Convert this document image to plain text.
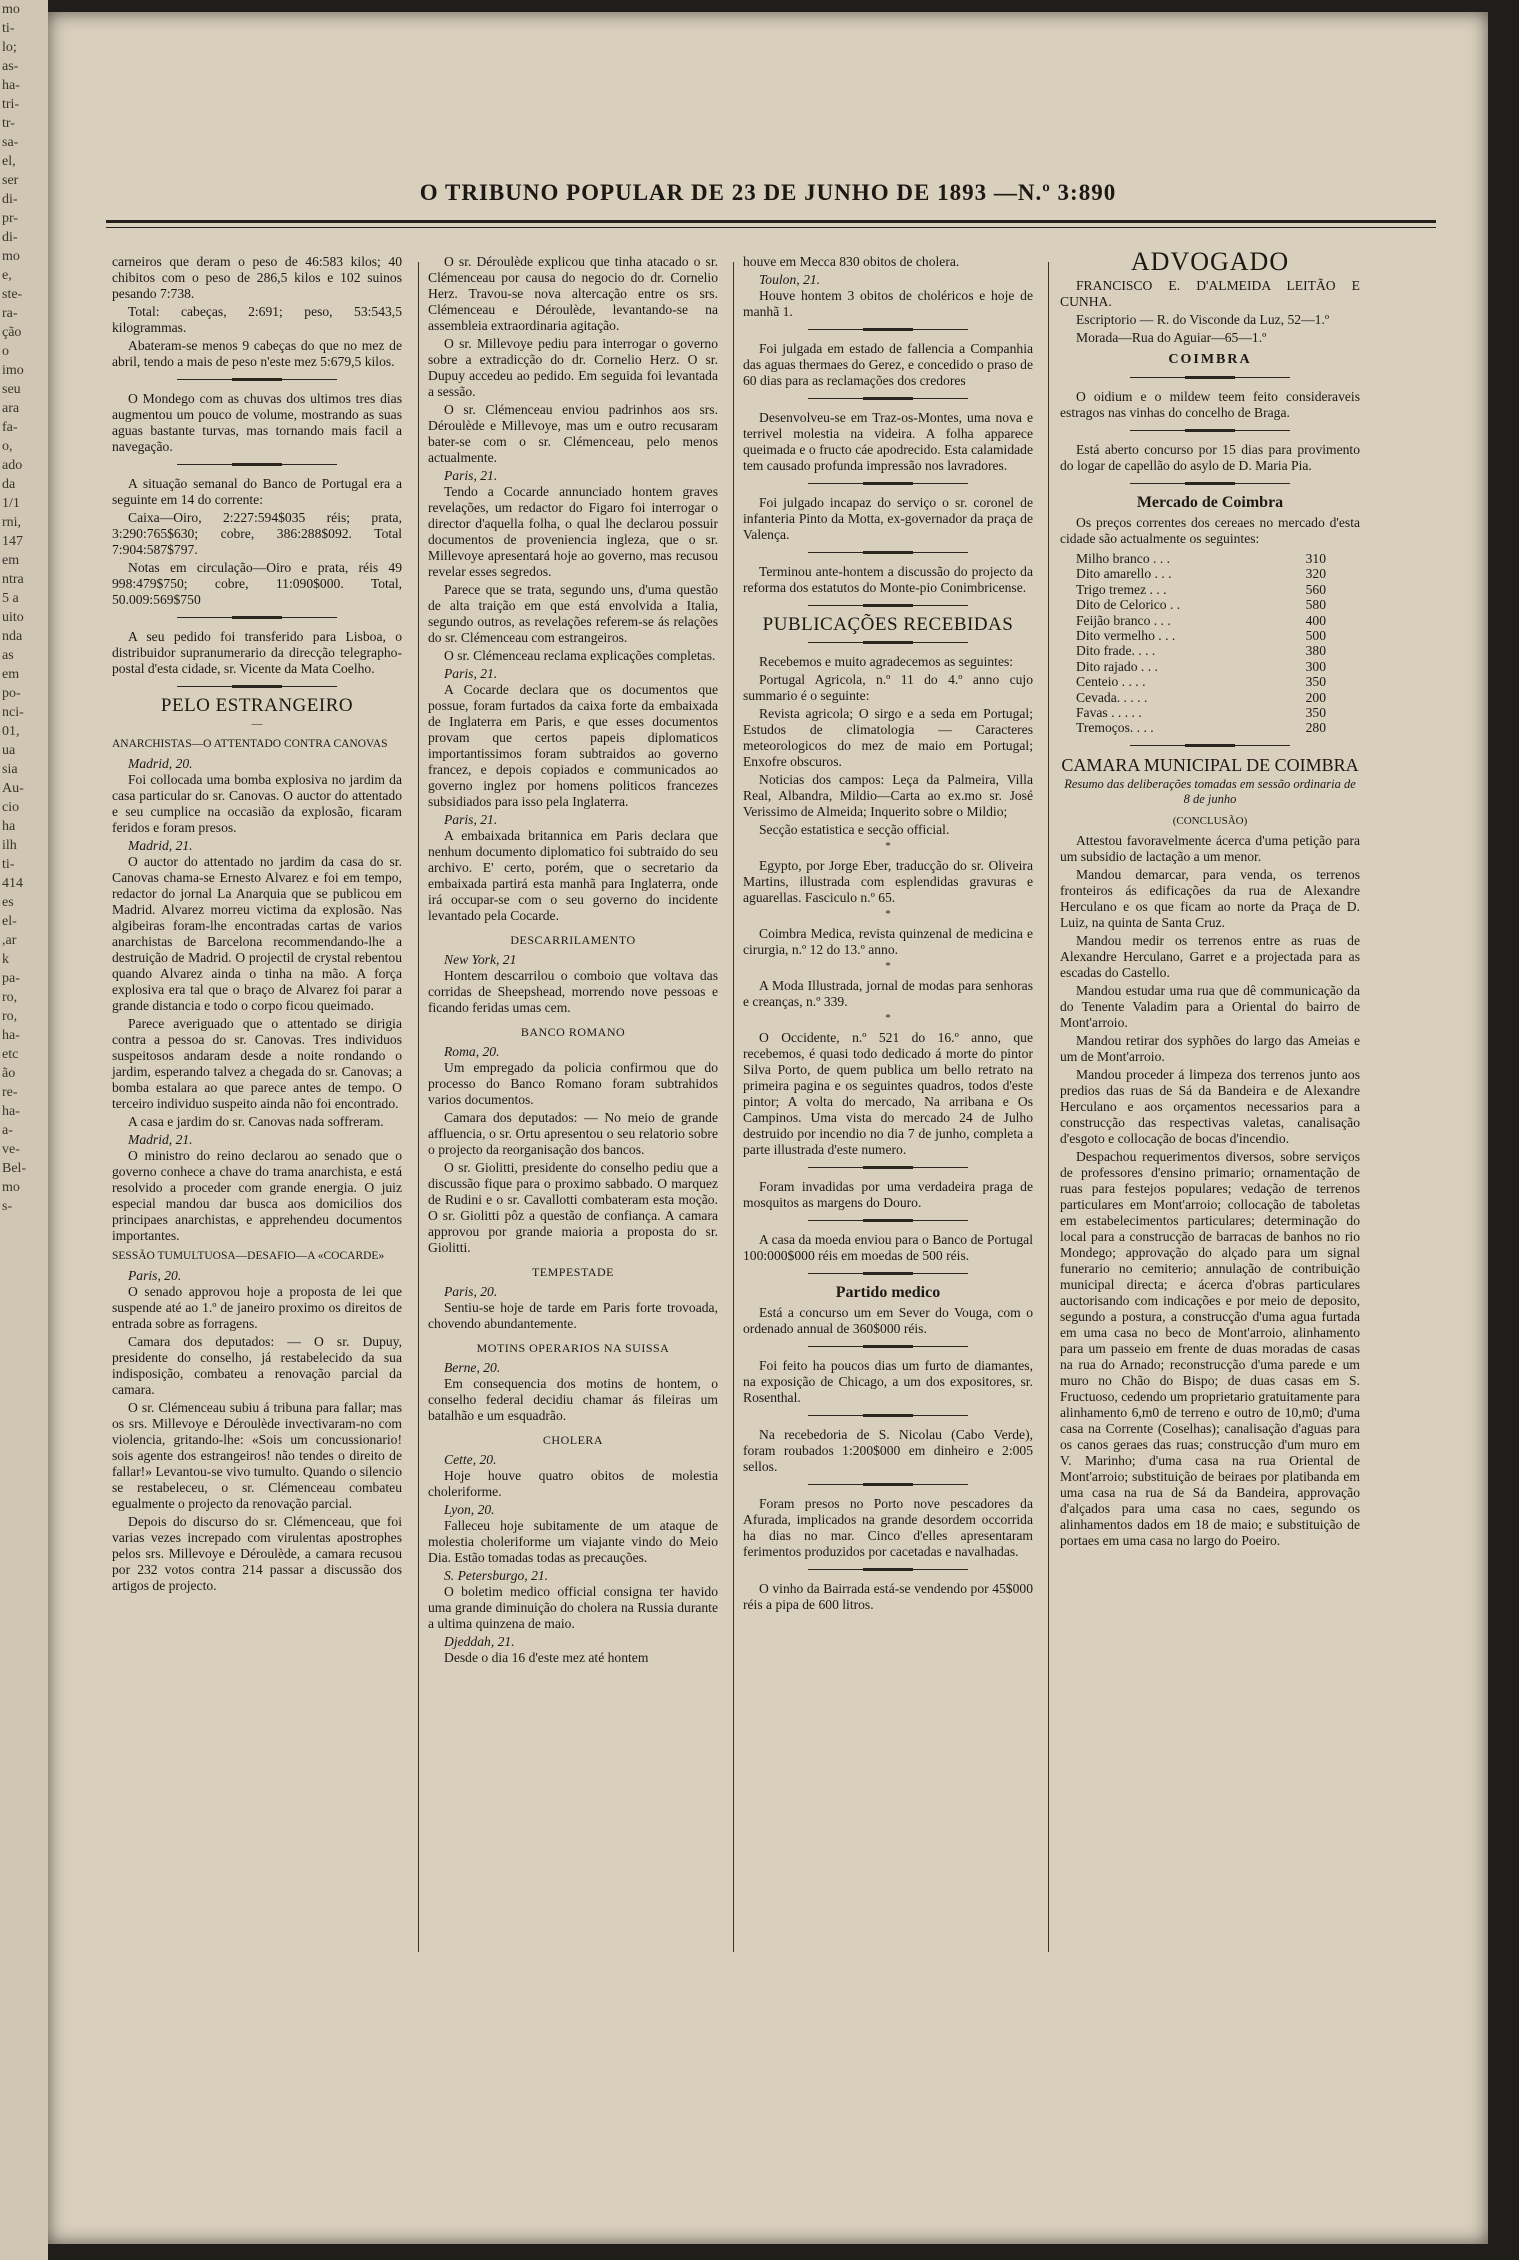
mo
ti-
lo;
as-
ha-
tri-
tr-
sa-
el,
ser
di-
pr-
di-
mo
e,
ste-
ra-
ção
o
imo
seu
ara
fa-
o,
ado
da
1/1
rni,
147
em
ntra
5 a
uito
nda
as
em
po-
nci-
01,
ua
sia
Au-
cio
ha
ilh
ti-
414
es
el-
,ar
k
pa-
ro,
ro,
ha-
etc
ão
re-
ha-
a-
ve-
Bel-
mo
s-
O TRIBUNO POPULAR DE 23 DE JUNHO DE 1893 —N.º 3:890

carneiros que deram o peso de 46:583 kilos; 40 chibitos com o peso de 286,5 kilos e 102 suinos pesando 7:738.

Total: cabeças, 2:691; peso, 53:543,5 kilogrammas.

Abateram-se menos 9 cabeças do que no mez de abril, tendo a mais de peso n'este mez 5:679,5 kilos.

O Mondego com as chuvas dos ultimos tres dias augmentou um pouco de volume, mostrando as suas aguas bastante turvas, mas tornando mais facil a navegação.

A situação semanal do Banco de Portugal era a seguinte em 14 do corrente:

Caixa—Oiro, 2:227:594$035 réis; prata, 3:290:765$630; cobre, 386:288$092. Total 7:904:587$797.

Notas em circulação—Oiro e prata, réis 49 998:479$750; cobre, 11:090$000. Total, 50.009:569$750

A seu pedido foi transferido para Lisboa, o distribuidor supranumerario da direcção telegrapho-postal d'esta cidade, sr. Vicente da Mata Coelho.

PELO ESTRANGEIRO
—
ANARCHISTAS—O ATTENTADO CONTRA CANOVAS
Madrid, 20.

Foi collocada uma bomba explosiva no jardim da casa particular do sr. Canovas. O auctor do attentado e seu cumplice na occasião da explosão, ficaram feridos e foram presos.

Madrid, 21.

O auctor do attentado no jardim da casa do sr. Canovas chama-se Ernesto Alvarez e foi em tempo, redactor do jornal La Anarquia que se publicou em Madrid. Alvarez morreu victima da explosão. Nas algibeiras foram-lhe encontradas cartas de varios anarchistas de Barcelona recommendando-lhe a destruição de Madrid. O projectil de crystal rebentou quando Alvarez ainda o tinha na mão. A força explosiva era tal que o braço de Alvarez foi parar a grande distancia e todo o corpo ficou queimado.

Parece averiguado que o attentado se dirigia contra a pessoa do sr. Canovas. Tres individuos suspeitosos andaram desde a noite rondando o jardim, esperando talvez a chegada do sr. Canovas; a bomba estalara ao que parece antes de tempo. O terceiro individuo suspeito ainda não foi encontrado.

A casa e jardim do sr. Canovas nada soffreram.

Madrid, 21.

O ministro do reino declarou ao senado que o governo conhece a chave do trama anarchista, e está resolvido a proceder com grande energia. O juiz especial mandou dar busca aos domicilios dos principaes anarchistas, e apprehendeu documentos importantes.

SESSÃO TUMULTUOSA—DESAFIO—A «COCARDE»
Paris, 20.

O senado approvou hoje a proposta de lei que suspende até ao 1.º de janeiro proximo os direitos de entrada sobre as forragens.

Camara dos deputados: — O sr. Dupuy, presidente do conselho, já restabelecido da sua indisposição, combateu a renovação parcial da camara.

O sr. Clémenceau subiu á tribuna para fallar; mas os srs. Millevoye e Déroulède invectivaram-no com violencia, gritando-lhe: «Sois um concussionario! sois agente dos estrangeiros! não tendes o direito de fallar!» Levantou-se vivo tumulto. Quando o silencio se restabeleceu, o sr. Clémenceau combateu egualmente o projecto da renovação parcial.

Depois do discurso do sr. Clémenceau, que foi varias vezes increpado com virulentas apostrophes pelos srs. Millevoye e Déroulède, a camara recusou por 232 votos contra 214 passar a discussão dos artigos de projecto.

O sr. Déroulède explicou que tinha atacado o sr. Clémenceau por causa do negocio do dr. Cornelio Herz. Travou-se nova altercação entre os srs. Clémenceau e Déroulède, levantando-se na assembleia extraordinaria agitação.

O sr. Millevoye pediu para interrogar o governo sobre a extradicção do dr. Cornelio Herz. O sr. Dupuy accedeu ao pedido. Em seguida foi levantada a sessão.

O sr. Clémenceau enviou padrinhos aos srs. Déroulède e Millevoye, mas um e outro recusaram bater-se com o sr. Clémenceau, pelo menos actualmente.

Paris, 21.

Tendo a Cocarde annunciado hontem graves revelações, um redactor do Figaro foi interrogar o director d'aquella folha, o qual lhe declarou possuir documentos de proveniencia ingleza, que o sr. Millevoye apresentará hoje ao governo, mas recusou revelar esses segredos.

Parece que se trata, segundo uns, d'uma questão de alta traição em que está envolvida a Italia, segundo outros, as revelações referem-se ás relações do sr. Clémenceau com estrangeiros.

O sr. Clémenceau reclama explicações completas.

Paris, 21.

A Cocarde declara que os documentos que possue, foram furtados da caixa forte da embaixada de Inglaterra em Paris, e que esses documentos provam que certos papeis diplomaticos importantissimos foram subtraidos ao governo francez, e depois copiados e communicados ao governo inglez por homens politicos francezes subsidiados para isso pela Inglaterra.

Paris, 21.

A embaixada britannica em Paris declara que nenhum documento diplomatico foi subtraido do seu archivo. E' certo, porém, que o secretario da embaixada partirá esta manhã para Inglaterra, onde irá occupar-se com o seu governo do incidente levantado pela Cocarde.

DESCARRILAMENTO
New York, 21

Hontem descarrilou o comboio que voltava das corridas de Sheepshead, morrendo nove pessoas e ficando feridas umas cem.

BANCO ROMANO
Roma, 20.

Um empregado da policia confirmou que do processo do Banco Romano foram subtrahidos varios documentos.

Camara dos deputados: — No meio de grande affluencia, o sr. Ortu apresentou o seu relatorio sobre o projecto da reorganisação dos bancos.

O sr. Giolitti, presidente do conselho pediu que a discussão fique para o proximo sabbado. O marquez de Rudini e o sr. Cavallotti combateram esta moção. O sr. Giolitti pôz a questão de confiança. A camara approvou por grande maioria a proposta do sr. Giolitti.

TEMPESTADE
Paris, 20.

Sentiu-se hoje de tarde em Paris forte trovoada, chovendo abundantemente.

MOTINS OPERARIOS NA SUISSA
Berne, 20.

Em consequencia dos motins de hontem, o conselho federal decidiu chamar ás fileiras um batalhão e um esquadrão.

CHOLERA
Cette, 20.

Hoje houve quatro obitos de molestia choleriforme.

Lyon, 20.

Falleceu hoje subitamente de um ataque de molestia choleriforme um viajante vindo do Meio Dia. Estão tomadas todas as precauções.

S. Petersburgo, 21.

O boletim medico official consigna ter havido uma grande diminuição do cholera na Russia durante a ultima quinzena de maio.

Djeddah, 21.

Desde o dia 16 d'este mez até hontem

houve em Mecca 830 obitos de cholera.

Toulon, 21.

Houve hontem 3 obitos de choléricos e hoje de manhã 1.

Foi julgada em estado de fallencia a Companhia das aguas thermaes do Gerez, e concedido o praso de 60 dias para as reclamações dos credores

Desenvolveu-se em Traz-os-Montes, uma nova e terrivel molestia na videira. A folha apparece queimada e o fructo cáe apodrecido. Esta calamidade tem causado profunda impressão nos lavradores.

Foi julgado incapaz do serviço o sr. coronel de infanteria Pinto da Motta, ex-governador da praça de Valença.

Terminou ante-hontem a discussão do projecto da reforma dos estatutos do Monte-pio Conimbricense.

PUBLICAÇÕES RECEBIDAS

Recebemos e muito agradecemos as seguintes:

Portugal Agricola, n.º 11 do 4.º anno cujo summario é o seguinte:

Revista agricola; O sirgo e a seda em Portugal; Estudos de climatologia — Caracteres meteorologicos do mez de maio em Portugal; Enxofre obscuros.

Noticias dos campos: Leça da Palmeira, Villa Real, Albandra, Mildio—Carta ao ex.mo sr. José Verissimo de Almeida; Inquerito sobre o Mildio;

Secção estatistica e secção official.

*

Egypto, por Jorge Eber, traducção do sr. Oliveira Martins, illustrada com esplendidas gravuras e aguarellas. Fasciculo n.º 65.

*

Coimbra Medica, revista quinzenal de medicina e cirurgia, n.º 12 do 13.º anno.

*

A Moda Illustrada, jornal de modas para senhoras e creanças, n.º 339.

*

O Occidente, n.º 521 do 16.º anno, que recebemos, é quasi todo dedicado á morte do pintor Silva Porto, de quem publica um bello retrato na primeira pagina e os seguintes quadros, todos d'este pintor; A volta do mercado, Na arribana e Os Campinos. Uma vista do mercado 24 de Julho destruido por incendio no dia 7 de junho, completa a parte illustrada d'este numero.

Foram invadidas por uma verdadeira praga de mosquitos as margens do Douro.

A casa da moeda enviou para o Banco de Portugal 100:000$000 réis em moedas de 500 réis.

Partido medico

Está a concurso um em Sever do Vouga, com o ordenado annual de 360$000 réis.

Foi feito ha poucos dias um furto de diamantes, na exposição de Chicago, a um dos expositores, sr. Rosenthal.

Na recebedoria de S. Nicolau (Cabo Verde), foram roubados 1:200$000 em dinheiro e 2:005 sellos.

Foram presos no Porto nove pescadores da Afurada, implicados na grande desordem occorrida ha dias no mar. Cinco d'elles apresentaram ferimentos produzidos por cacetadas e navalhadas.

O vinho da Bairrada está-se vendendo por 45$000 réis a pipa de 600 litros.

ADVOGADO

FRANCISCO E. D'ALMEIDA LEITÃO E CUNHA.

Escriptorio — R. do Visconde da Luz, 52—1.º

Morada—Rua do Aguiar—65—1.º

COIMBRA

O oidium e o mildew teem feito consideraveis estragos nas vinhas do concelho de Braga.

Está aberto concurso por 15 dias para provimento do logar de capellão do asylo de D. Maria Pia.

Mercado de Coimbra

Os preços correntes dos cereaes no mercado d'esta cidade são actualmente os seguintes:

Milho branco . . .	310
Dito amarello . . .	320
Trigo tremez . . .	560
Dito de Celorico . .	580
Feijão branco . . .	400
Dito vermelho . . .	500
Dito frade. . . .	380
Dito rajado . . .	300
Centeio . . . .	350
Cevada. . . . .	200
Favas . . . . .	350
Tremoços. . . .	280
CAMARA MUNICIPAL DE COIMBRA
Resumo das deliberações tomadas em sessão ordinaria de 8 de junho
(CONCLUSÃO)

Attestou favoravelmente ácerca d'uma petição para um subsidio de lactação a um menor.

Mandou demarcar, para venda, os terrenos fronteiros ás edificações da rua de Alexandre Herculano e os que ficam ao norte da Praça de D. Luiz, na quinta de Santa Cruz.

Mandou medir os terrenos entre as ruas de Alexandre Herculano, Garret e a projectada para as escadas do Castello.

Mandou estudar uma rua que dê communicação da do Tenente Valadim para a Oriental do bairro de Mont'arroio.

Mandou retirar dos syphões do largo das Ameias e um de Mont'arroio.

Mandou proceder á limpeza dos terrenos junto aos predios das ruas de Sá da Bandeira e de Alexandre Herculano e aos orçamentos necessarios para a construcção das respectivas valetas, canalisação d'esgoto e collocação de bocas d'incendio.

Despachou requerimentos diversos, sobre serviços de professores d'ensino primario; ornamentação de ruas para festejos populares; vedação de terrenos particulares em Mont'arroio; collocação de taboletas em estabelecimentos particulares; determinação do local para a construcção de barracas de banhos no rio Mondego; approvação do alçado para um signal funerario no cemiterio; annulação de contribuição municipal directa; e ácerca d'obras particulares auctorisando com indicações e por meio de deposito, segundo a postura, a construcção d'uma agua furtada em uma casa no beco de Mont'arroio, alinhamento para um passeio em frente de duas moradas de casas na rua do Arnado; reconstrucção d'uma parede e um muro no Chão do Bispo; de duas casas em S. Fructuoso, cedendo um proprietario gratuitamente para alinhamento 6,m0 de terreno e outro de 10,m0; d'uma casa na Corrente (Coselhas); canalisação d'aguas para os canos geraes das ruas; construcção d'um muro em V. Marinho; d'uma casa na rua Oriental de Mont'arroio; substituição de beiraes por platibanda em uma casa na rua de Sá da Bandeira, approvação d'alçados para uma casa no caes, segundo os alinhamentos dados em 18 de maio; e substituição de portaes em uma casa no largo do Poeiro.
